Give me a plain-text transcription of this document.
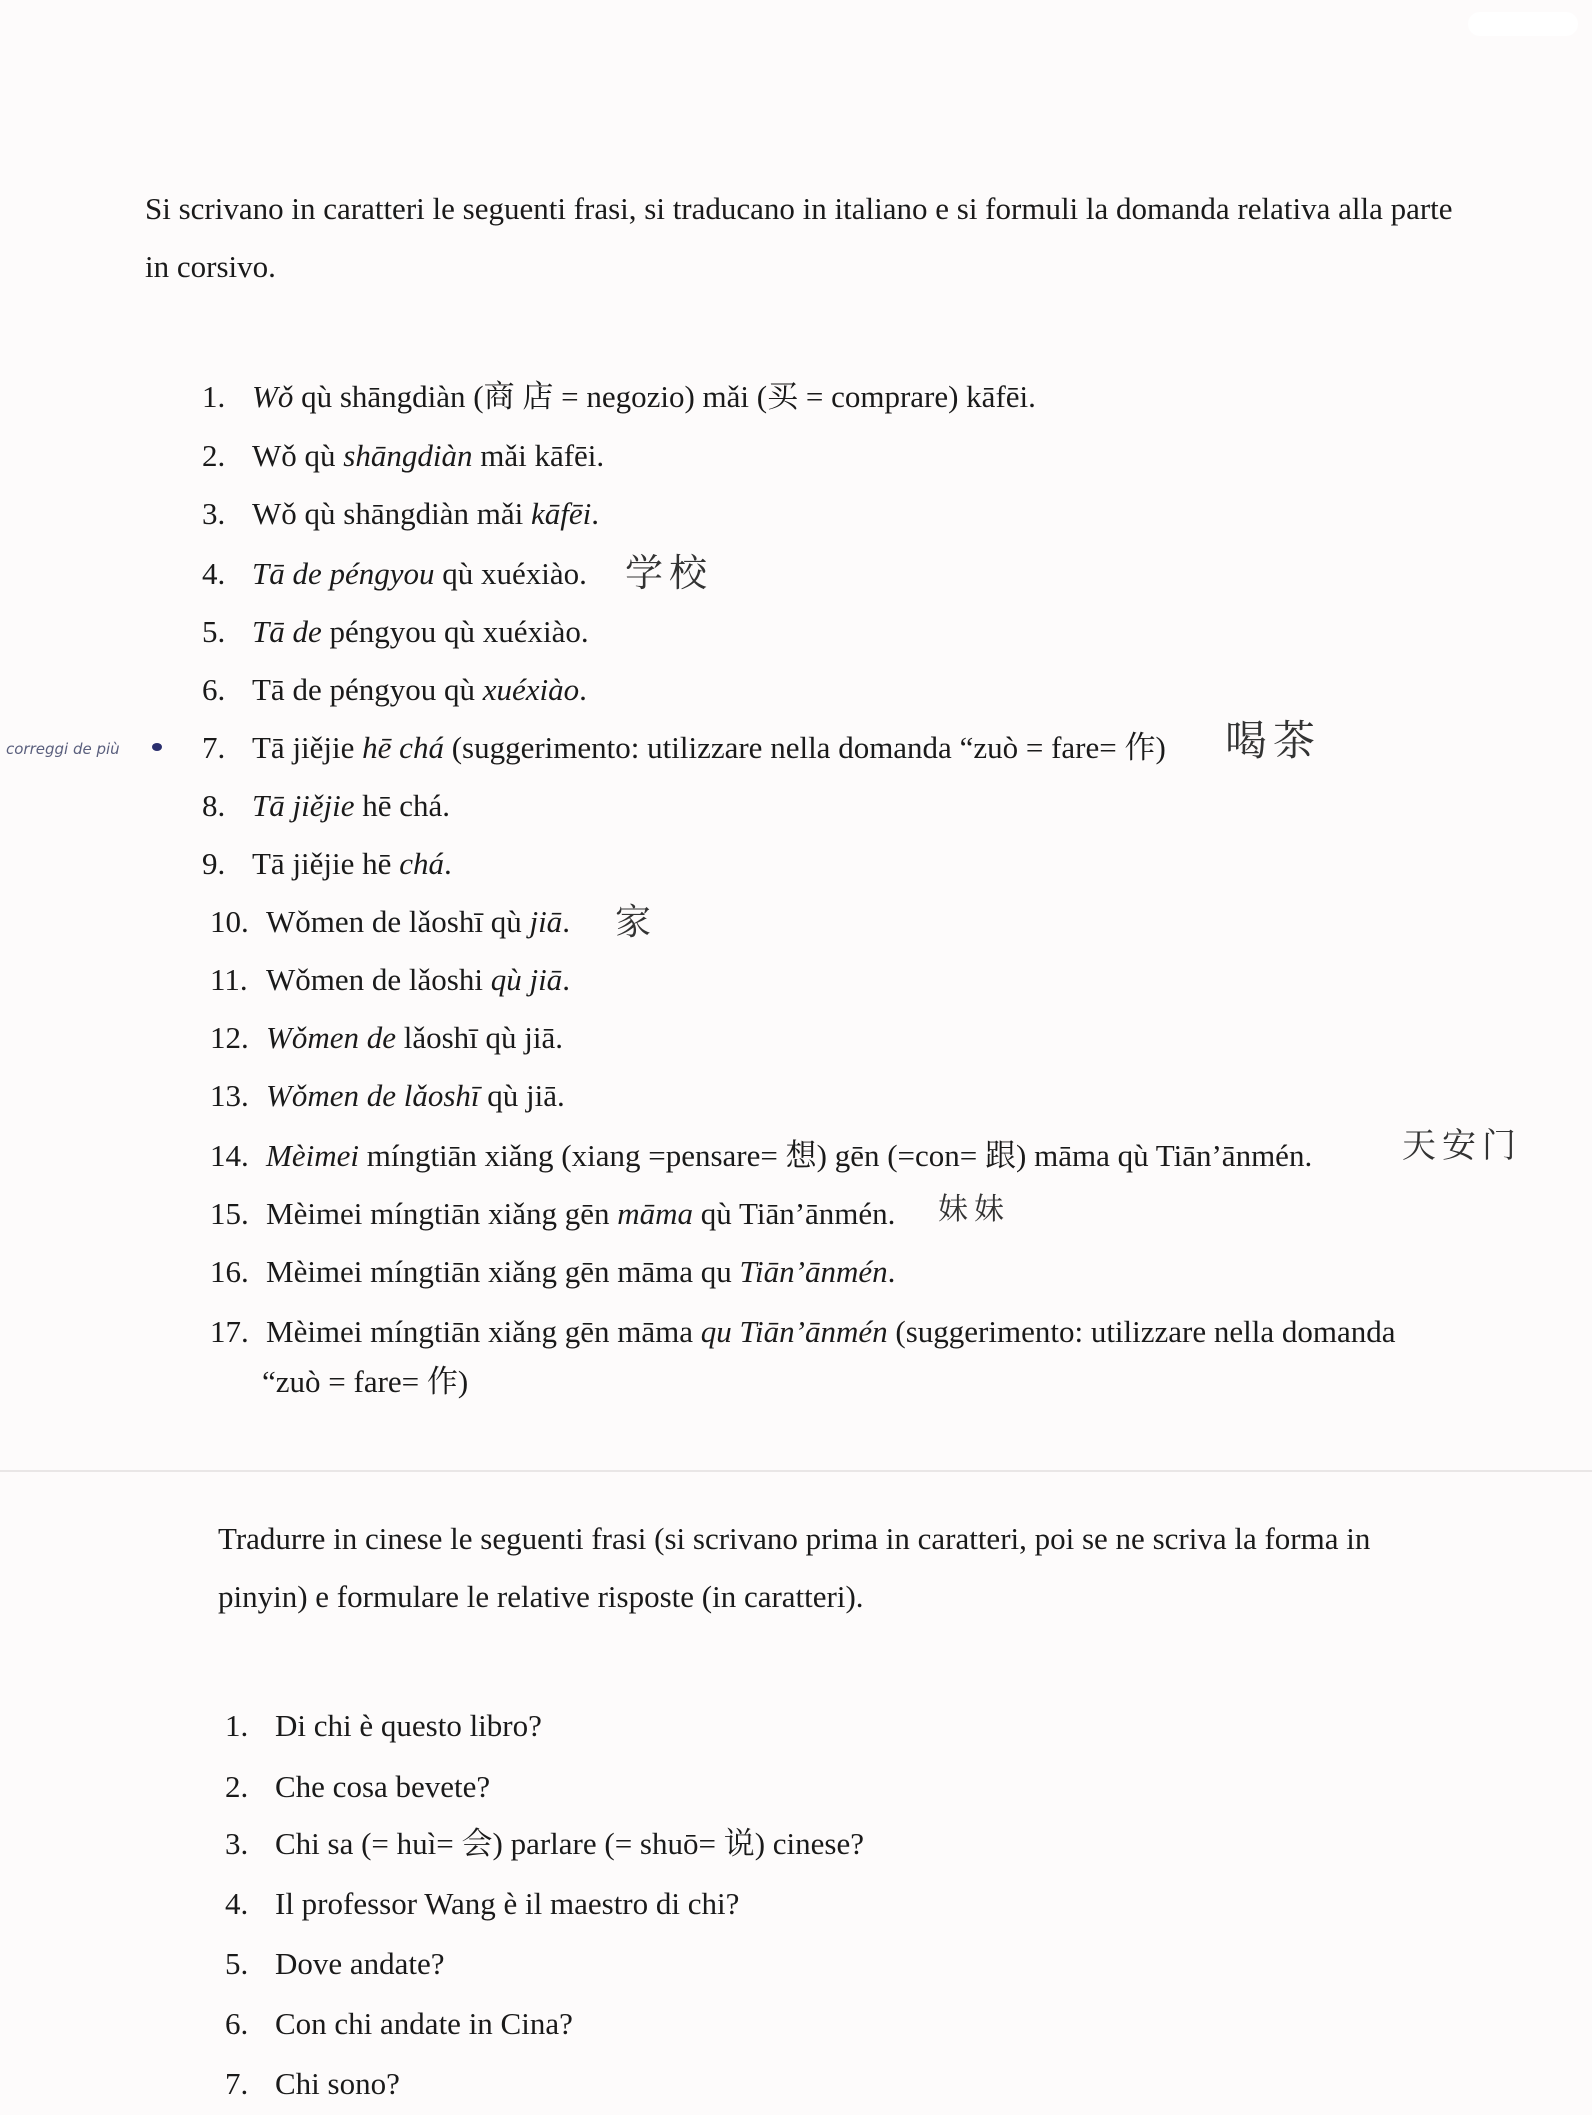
Si scrivano in caratteri le seguenti frasi, si traducano in italiano e si formuli la domanda relativa alla parte in corsivo.
1. Wǒ qù shāngdiàn (商 店 = negozio) mǎi (买 = comprare) kāfēi.
2. Wǒ qù shāngdiàn mǎi kāfēi.
3. Wǒ qù shāngdiàn mǎi kāfēi.
4. Tā de péngyou qù xuéxiào.
5. Tā de péngyou qù xuéxiào.
6. Tā de péngyou qù xuéxiào.
7. Tā jiějie hē chá (suggerimento: utilizzare nella domanda “zuò = fare= 作)
8. Tā jiějie hē chá.
9. Tā jiějie hē chá.
10. Wǒmen de lǎoshī qù jiā.
11. Wǒmen de lǎoshi qù jiā.
12. Wǒmen de lǎoshī qù jiā.
13. Wǒmen de lǎoshī qù jiā.
14. Mèimei míngtiān xiǎng (xiang =pensare= 想) gēn (=con= 跟) māma qù Tiān’ānmén.
15. Mèimei míngtiān xiǎng gēn māma qù Tiān’ānmén.
16. Mèimei míngtiān xiǎng gēn māma qu Tiān’ānmén.
17. Mèimei míngtiān xiǎng gēn māma qu Tiān’ānmén (suggerimento: utilizzare nella domanda
“zuò = fare= 作)
correggi de più
学校
喝茶
家
天安门
妹妹
Tradurre in cinese le seguenti frasi (si scrivano prima in caratteri, poi se ne scriva la forma in pinyin) e formulare le relative risposte (in caratteri).
1. Di chi è questo libro?
2. Che cosa bevete?
3. Chi sa (= huì= 会) parlare (= shuō= 说) cinese?
4. Il professor Wang è il maestro di chi?
5. Dove andate?
6. Con chi andate in Cina?
7. Chi sono?
